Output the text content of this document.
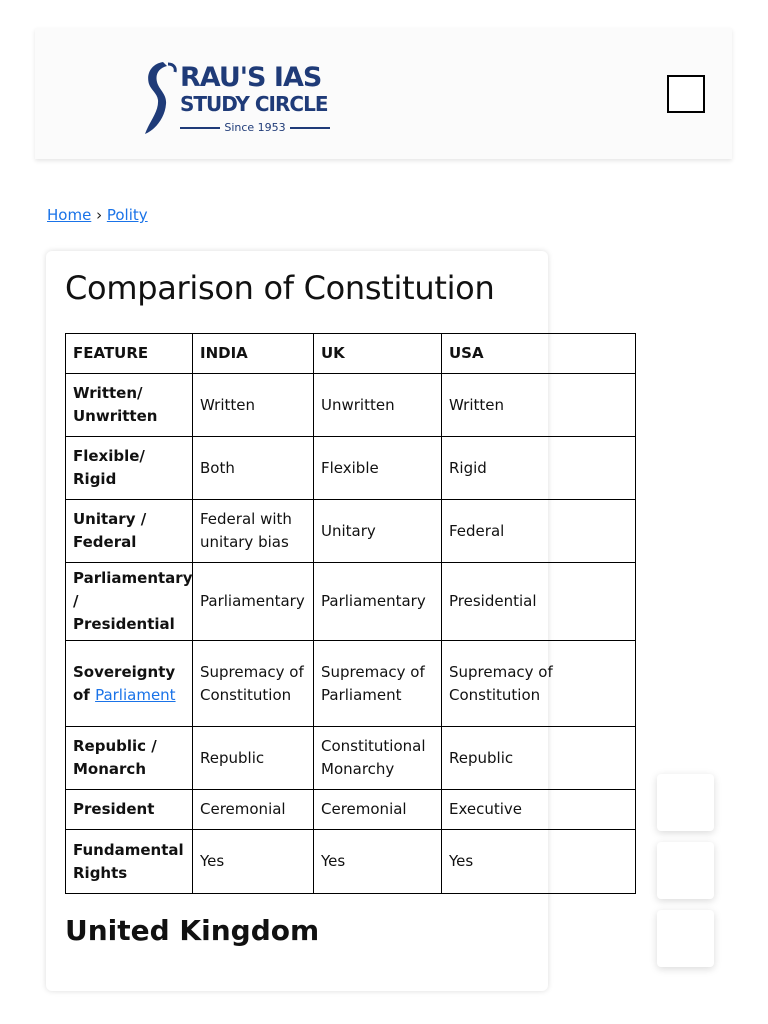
RAU'S IAS
STUDY CIRCLE
Since 1953
Home › Polity
Comparison of Constitution
FEATURE	INDIA	UK	USA
Written/ Unwritten	Written	Unwritten	Written
Flexible/ Rigid	Both	Flexible	Rigid
Unitary / Federal	Federal with unitary bias	Unitary	Federal
Parliamentary / Presidential	Parliamentary	Parliamentary	Presidential
Sovereignty of Parliament	Supremacy of Constitution	Supremacy of Parliament	Supremacy of Constitution
Republic / Monarch	Republic	Constitutional Monarchy	Republic
President	Ceremonial	Ceremonial	Executive
Fundamental Rights	Yes	Yes	Yes
United Kingdom
